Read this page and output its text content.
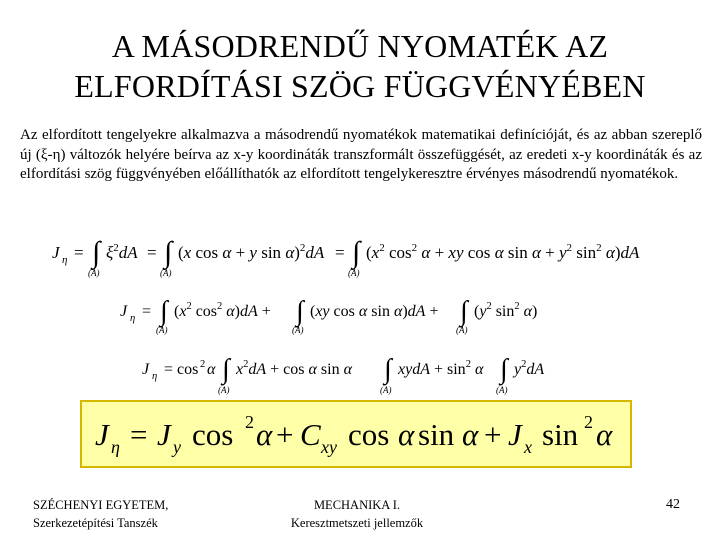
A MÁSODRENDŰ NYOMATÉK AZ
ELFORDÍTÁSI SZÖG FÜGGVÉNYÉBEN
Az elfordított tengelyekre alkalmazva a másodrendű nyomatékok matematikai definícióját, és az abban szereplő új (ξ-η) változók helyére beírva az x-y koordináták transzformált összefüggését, az eredeti x-y koordináták és az elfordítási szög függvényében előállíthatók az elfordított tengelykeresztre érvényes másodrendű nyomatékok.
J η = ∫ $\xi^2dA$
(A)
= ∫ (x cos α + y sin α)$^2$dA
(A)
= ∫ ($x^2$ $\cos^2 \alpha$ + xy cos α $\sin \alpha + y^2$ $\sin^2 \alpha)dA$
(A)
J η = ∫ ($x^2$ $\cos^2 \alpha)dA$ +
(A)
∫ (xy cos α sin α)dA +
(A)
∫ ($y^2$ $\sin^2 \alpha$)
(A)
J η = cos 2 α ∫ $x^2dA + \cos \alpha$ sin α
(A)
∫ xydA + $\sin^2 \alpha$
(A)
∫ $y^2dA$
(A)
J η = J y cos 2 α + C xy cos α sin α + J x sin 2 α
SZÉCHENYI EGYETEM,
Szerkezetépítési Tanszék
MECHANIKA I.
Keresztmetszeti jellemzők
42
